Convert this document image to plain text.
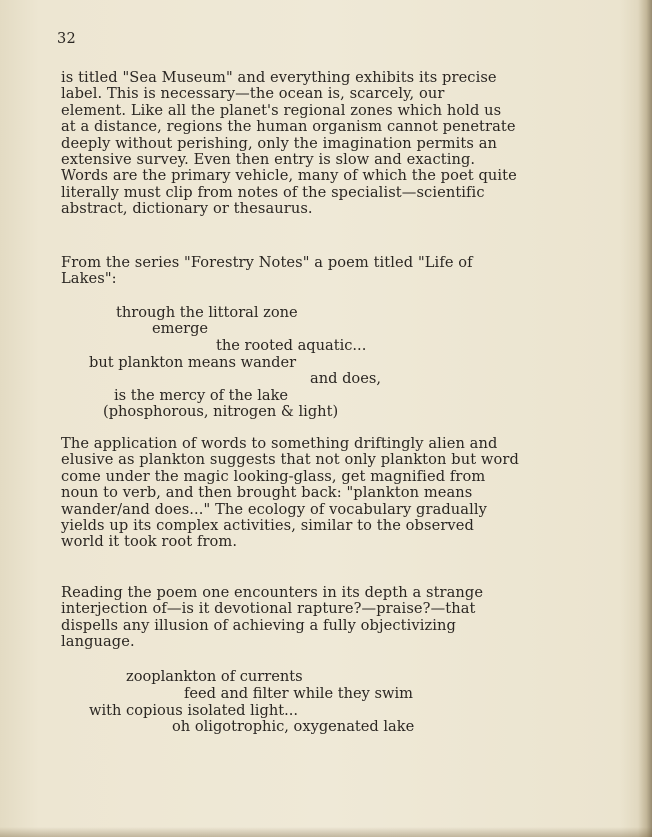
32
is titled "Sea Museum" and everything exhibits its precise
label. This is necessary—the ocean is, scarcely, our
element. Like all the planet's regional zones which hold us
at a distance, regions the human organism cannot penetrate
deeply without perishing, only the imagination permits an
extensive survey. Even then entry is slow and exacting.
Words are the primary vehicle, many of which the poet quite
literally must clip from notes of the specialist—scientific
abstract, dictionary or thesaurus.
From the series "Forestry Notes" a poem titled "Life of
Lakes":
through the littoral zone
emerge
the rooted aquatic...
but plankton means wander
and does,
is the mercy of the lake
(phosphorous, nitrogen & light)
The application of words to something driftingly alien and
elusive as plankton suggests that not only plankton but word
come under the magic looking-glass, get magnified from
noun to verb, and then brought back: "plankton means
wander/and does..." The ecology of vocabulary gradually
yields up its complex activities, similar to the observed
world it took root from.
Reading the poem one encounters in its depth a strange
interjection of—is it devotional rapture?—praise?—that
dispells any illusion of achieving a fully objectivizing
language.
zooplankton of currents
feed and filter while they swim
with copious isolated light...
oh oligotrophic, oxygenated lake
